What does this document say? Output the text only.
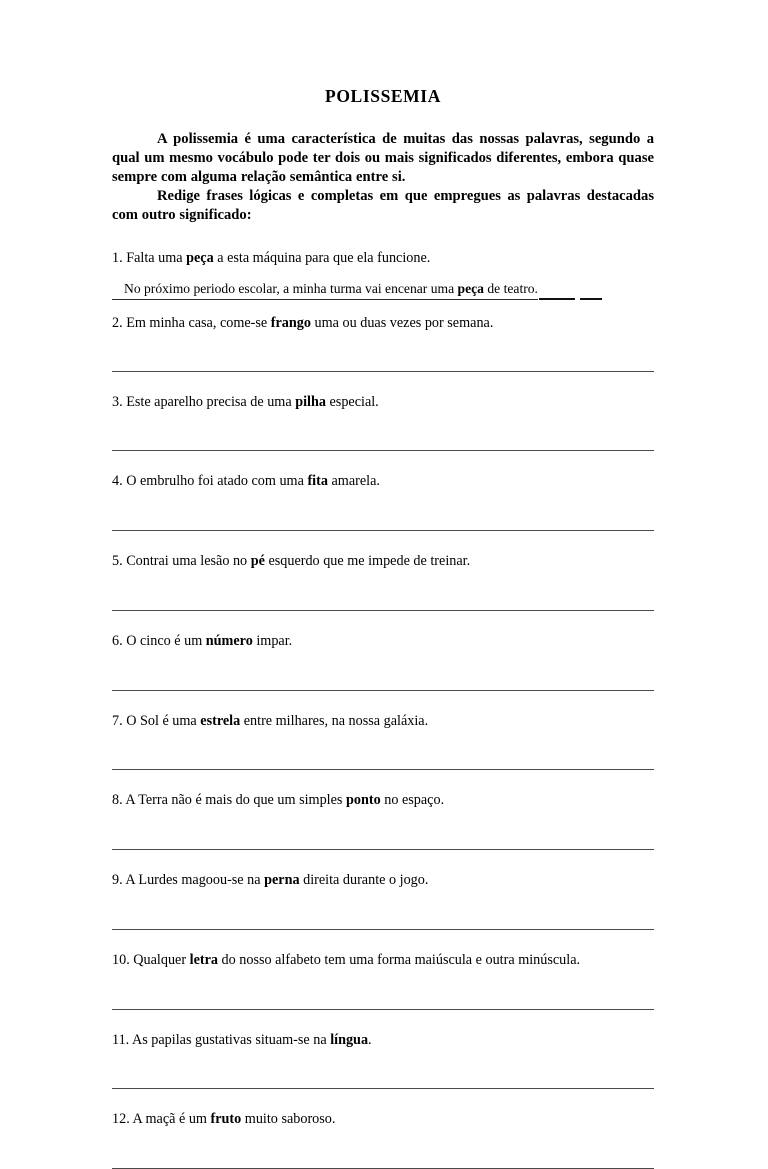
POLISSEMIA

A polissemia é uma característica de muitas das nossas palavras, segundo a qual um mesmo vocábulo pode ter dois ou mais significados diferentes, embora quase sempre com alguma relação semântica entre si.

Redige frases lógicas e completas em que empregues as palavras destacadas com outro significado:

1. Falta uma peça a esta máquina para que ela funcione.

No próximo periodo escolar, a minha turma vai encenar uma peça de teatro.

2. Em minha casa, come-se frango uma ou duas vezes por semana.

3. Este aparelho precisa de uma pilha especial.

4. O embrulho foi atado com uma fita amarela.

5. Contrai uma lesão no pé esquerdo que me impede de treinar.

6. O cinco é um número impar.

7. O Sol é uma estrela entre milhares, na nossa galáxia.

8. A Terra não é mais do que um simples ponto no espaço.

9. A Lurdes magoou-se na perna direita durante o jogo.

10. Qualquer letra do nosso alfabeto tem uma forma maiúscula e outra minúscula.

11. As papilas gustativas situam-se na língua.

12. A maçã é um fruto muito saboroso.
